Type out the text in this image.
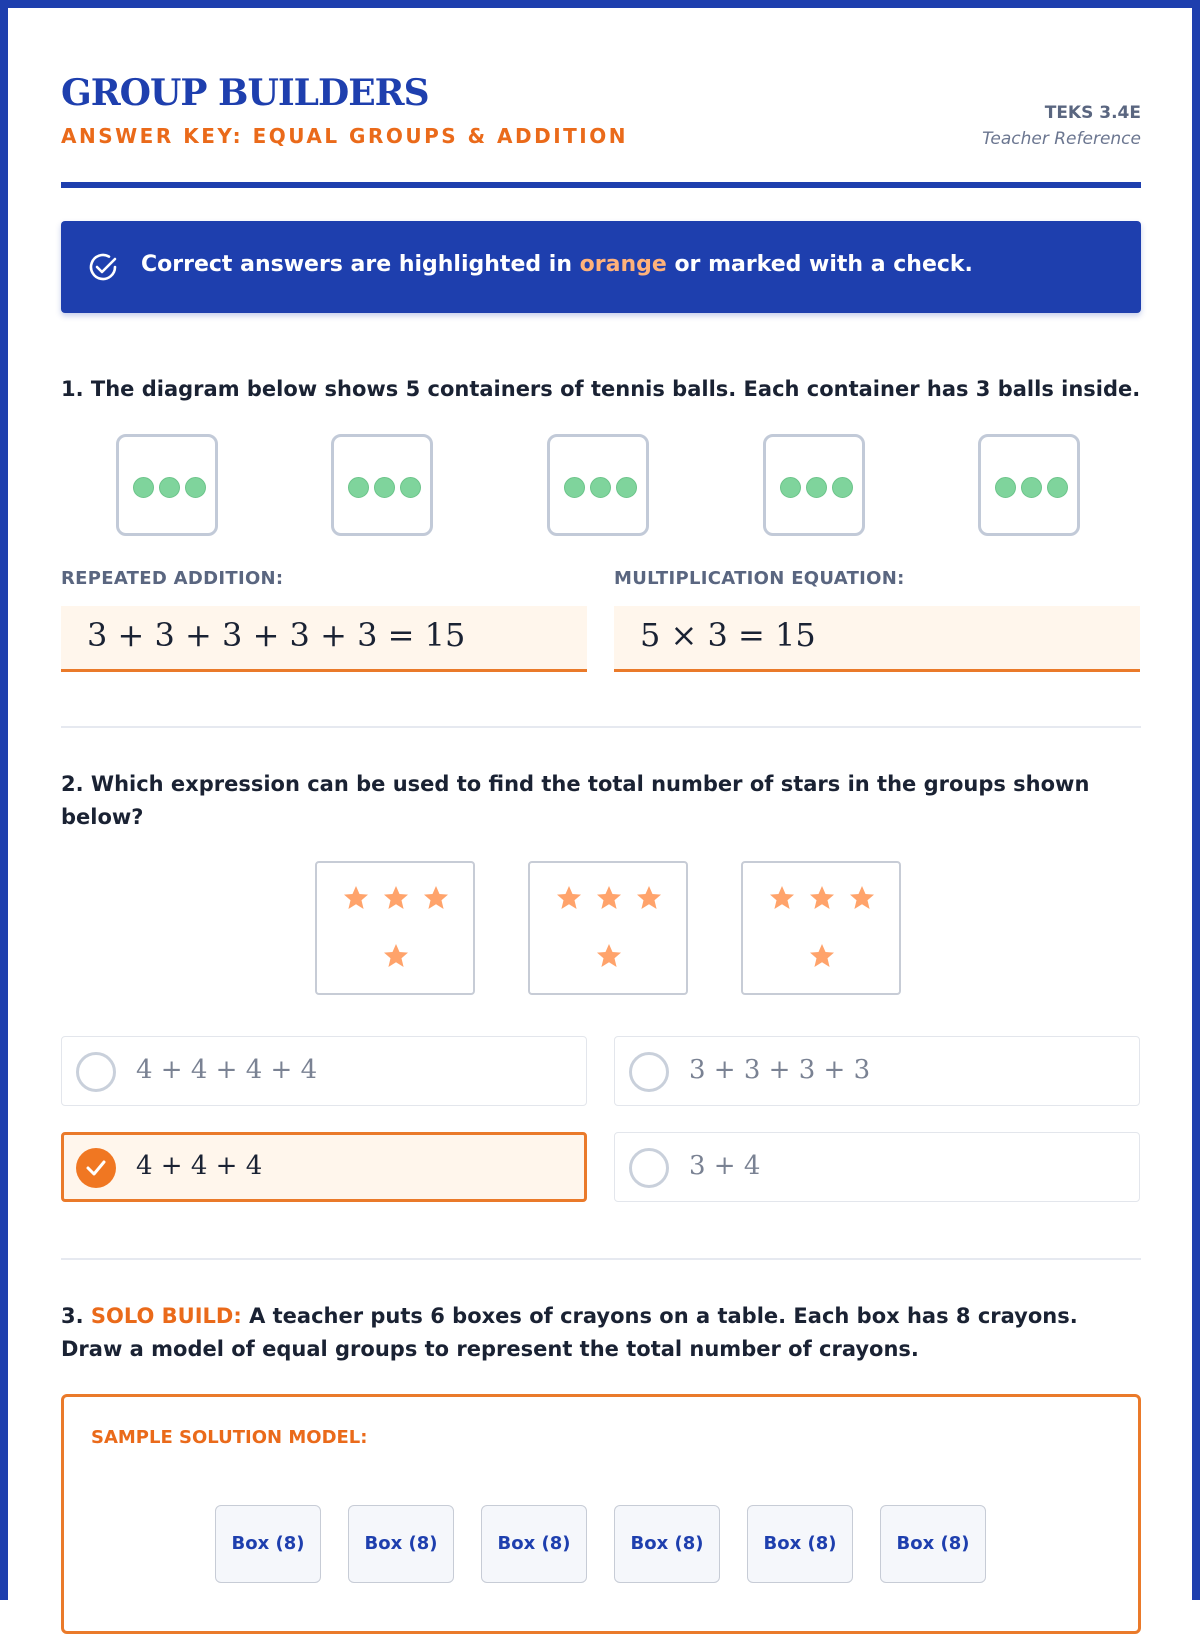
GROUP BUILDERS
ANSWER KEY: EQUAL GROUPS & ADDITION
TEKS 3.4E
Teacher Reference
Correct answers are highlighted in orange or marked with a check.
1. The diagram below shows 5 containers of tennis balls. Each container has 3 balls inside.
REPEATED ADDITION:	MULTIPLICATION EQUATION:
3 + 3 + 3 + 3 + 3 = 15	5 × 3 = 15
2. Which expression can be used to find the total number of stars in the groups shown below?
4 + 4 + 4 + 4	3 + 3 + 3 + 3
4 + 4 + 4	3 + 4
3. SOLO BUILD: A teacher puts 6 boxes of crayons on a table. Each box has 8 crayons. Draw a model of equal groups to represent the total number of crayons.
SAMPLE SOLUTION MODEL:
Box (8)	Box (8)	Box (8)	Box (8)	Box (8)	Box (8)
